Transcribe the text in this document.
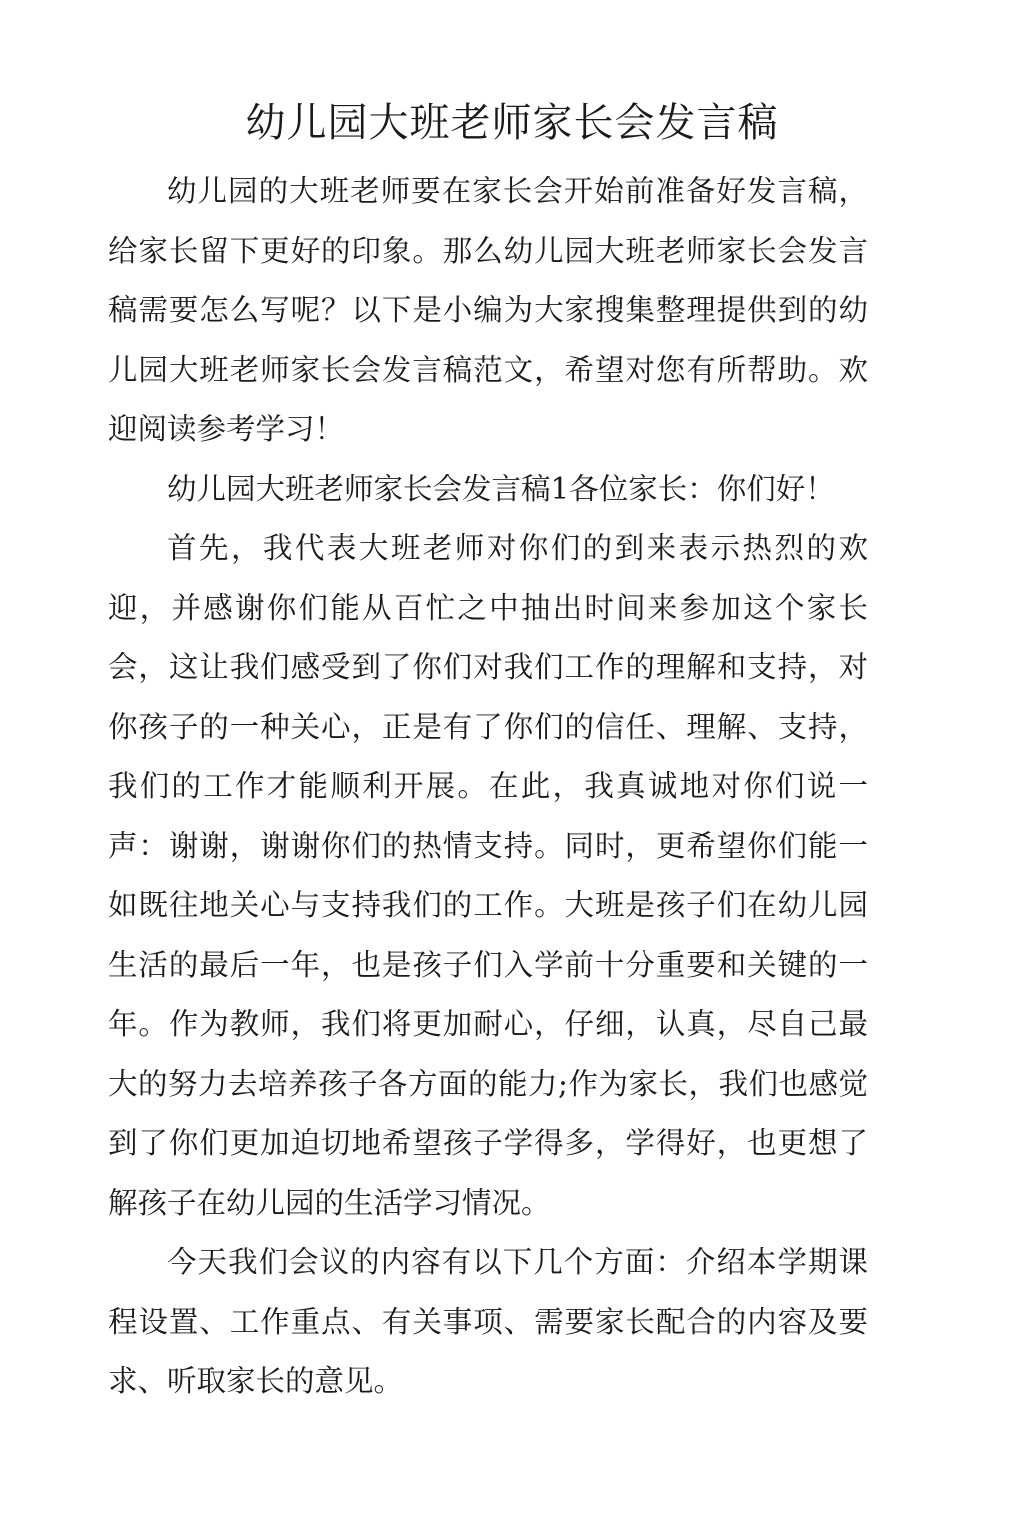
幼儿园大班老师家长会发言稿

幼儿园的大班老师要在家长会开始前准备好发言稿，给家长留下更好的印象。那么幼儿园大班老师家长会发言稿需要怎么写呢？以下是小编为大家搜集整理提供到的幼儿园大班老师家长会发言稿范文，希望对您有所帮助。欢迎阅读参考学习！

幼儿园大班老师家长会发言稿1各位家长：你们好！

首先，我代表大班老师对你们的到来表示热烈的欢迎，并感谢你们能从百忙之中抽出时间来参加这个家长会，这让我们感受到了你们对我们工作的理解和支持，对你孩子的一种关心，正是有了你们的信任、理解、支持，我们的工作才能顺利开展。在此，我真诚地对你们说一声：谢谢，谢谢你们的热情支持。同时，更希望你们能一如既往地关心与支持我们的工作。大班是孩子们在幼儿园生活的最后一年，也是孩子们入学前十分重要和关键的一年。作为教师，我们将更加耐心，仔细，认真，尽自己最大的努力去培养孩子各方面的能力;作为家长，我们也感觉到了你们更加迫切地希望孩子学得多，学得好，也更想了解孩子在幼儿园的生活学习情况。

今天我们会议的内容有以下几个方面：介绍本学期课程设置、工作重点、有关事项、需要家长配合的内容及要求、听取家长的意见。
